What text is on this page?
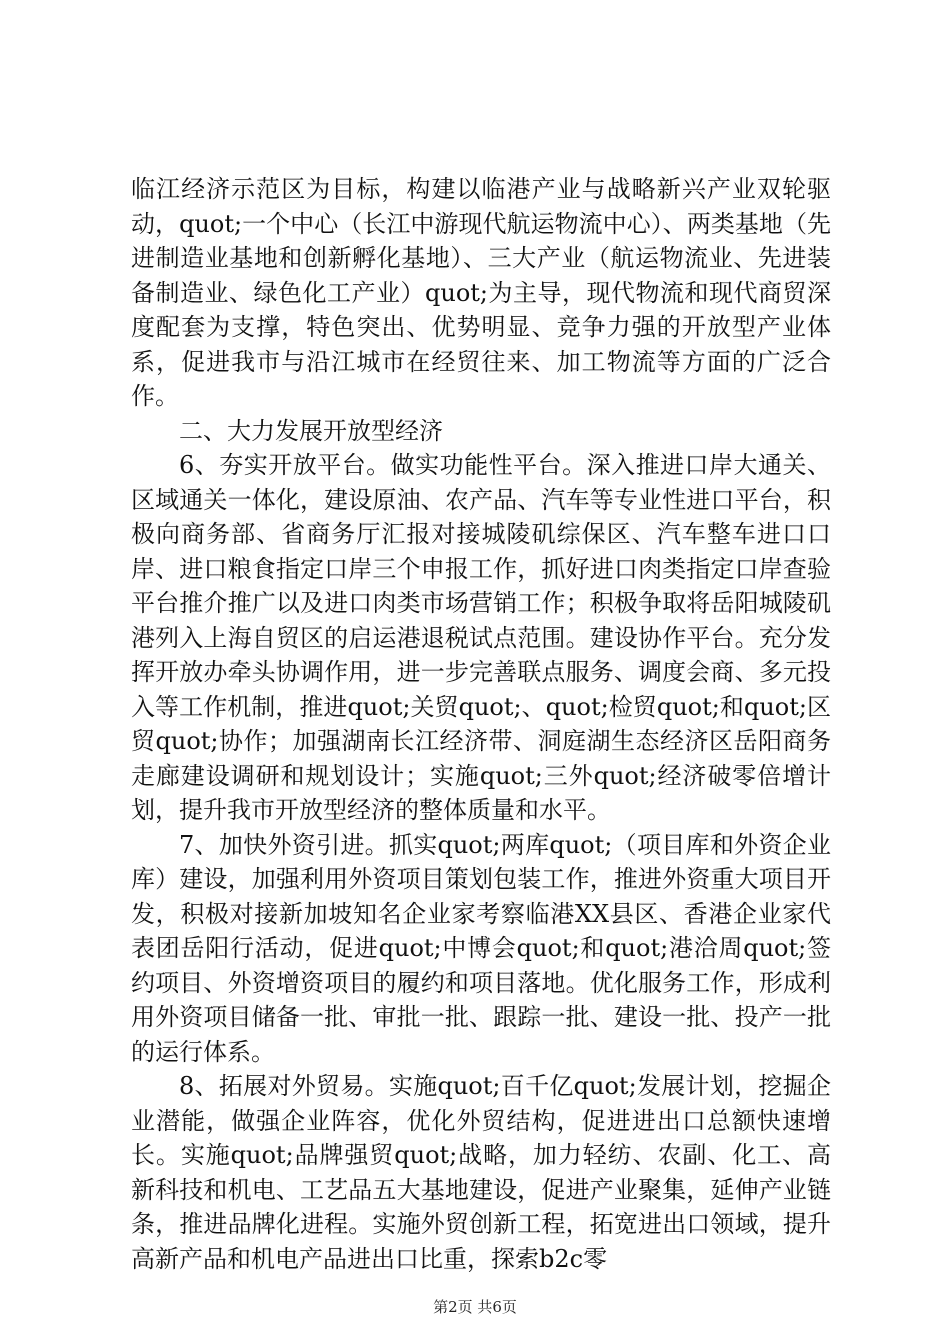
临江经济示范区为目标，构建以临港产业与战略新兴产业双轮驱动，quot;一个中心（长江中游现代航运物流中心）、两类基地（先进制造业基地和创新孵化基地）、三大产业（航运物流业、先进装备制造业、绿色化工产业）quot;为主导，现代物流和现代商贸深度配套为支撑，特色突出、优势明显、竞争力强的开放型产业体系，促进我市与沿江城市在经贸往来、加工物流等方面的广泛合作。

二、大力发展开放型经济

6、夯实开放平台。做实功能性平台。深入推进口岸大通关、区域通关一体化，建设原油、农产品、汽车等专业性进口平台，积极向商务部、省商务厅汇报对接城陵矶综保区、汽车整车进口口岸、进口粮食指定口岸三个申报工作，抓好进口肉类指定口岸查验平台推介推广以及进口肉类市场营销工作；积极争取将岳阳城陵矶港列入上海自贸区的启运港退税试点范围。建设协作平台。充分发挥开放办牵头协调作用，进一步完善联点服务、调度会商、多元投入等工作机制，推进quot;关贸quot;、quot;检贸quot;和quot;区贸quot;协作；加强湖南长江经济带、洞庭湖生态经济区岳阳商务走廊建设调研和规划设计；实施quot;三外quot;经济破零倍增计划，提升我市开放型经济的整体质量和水平。

7、加快外资引进。抓实quot;两库quot;（项目库和外资企业库）建设，加强利用外资项目策划包装工作，推进外资重大项目开发，积极对接新加坡知名企业家考察临港XX县区、香港企业家代表团岳阳行活动，促进quot;中博会quot;和quot;港洽周quot;签约项目、外资增资项目的履约和项目落地。优化服务工作，形成利用外资项目储备一批、审批一批、跟踪一批、建设一批、投产一批的运行体系。

8、拓展对外贸易。实施quot;百千亿quot;发展计划，挖掘企业潜能，做强企业阵容，优化外贸结构，促进进出口总额快速增长。实施quot;品牌强贸quot;战略，加力轻纺、农副、化工、高新科技和机电、工艺品五大基地建设，促进产业聚集，延伸产业链条，推进品牌化进程。实施外贸创新工程，拓宽进出口领域，提升高新产品和机电产品进出口比重，探索b2c零

第2页 共6页
